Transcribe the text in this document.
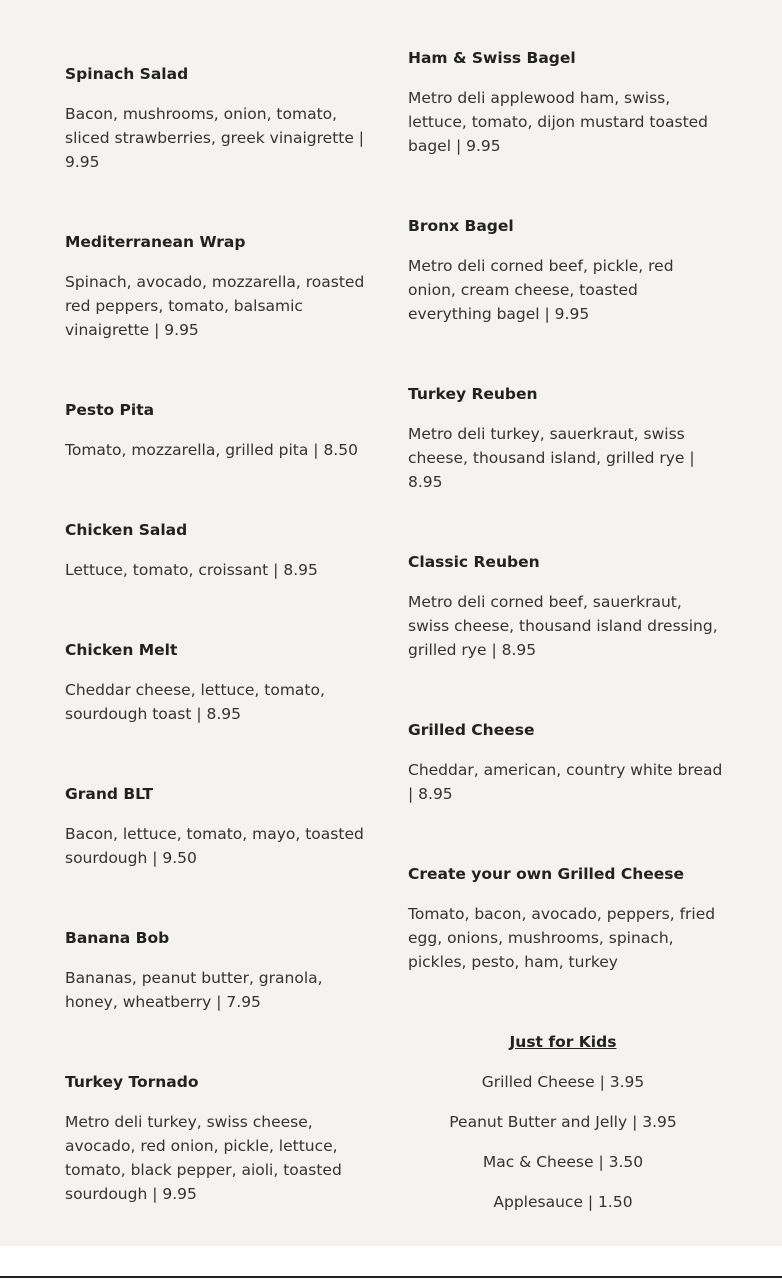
Spinach Salad

Bacon, mushrooms, onion, tomato, sliced strawberries, greek vinaigrette | 9.95

Mediterranean Wrap

Spinach, avocado, mozzarella, roasted red peppers, tomato, balsamic vinaigrette | 9.95

Pesto Pita

Tomato, mozzarella, grilled pita | 8.50

Chicken Salad

Lettuce, tomato, croissant | 8.95

Chicken Melt

Cheddar cheese, lettuce, tomato, sourdough toast | 8.95

Grand BLT

Bacon, lettuce, tomato, mayo, toasted sourdough | 9.50

Banana Bob

Bananas, peanut butter, granola, honey, wheatberry | 7.95

Turkey Tornado

Metro deli turkey, swiss cheese, avocado, red onion, pickle, lettuce, tomato, black pepper, aioli, toasted sourdough | 9.95

Ham & Swiss Bagel

Metro deli applewood ham, swiss, lettuce, tomato, dijon mustard toasted bagel | 9.95

Bronx Bagel

Metro deli corned beef, pickle, red onion, cream cheese, toasted everything bagel | 9.95

Turkey Reuben

Metro deli turkey, sauerkraut, swiss cheese, thousand island, grilled rye | 8.95

Classic Reuben

Metro deli corned beef, sauerkraut, swiss cheese, thousand island dressing, grilled rye | 8.95

Grilled Cheese

Cheddar, american, country white bread | 8.95

Create your own Grilled Cheese

Tomato, bacon, avocado, peppers, fried egg, onions, mushrooms, spinach, pickles, pesto, ham, turkey

Just for Kids

Grilled Cheese | 3.95

Peanut Butter and Jelly | 3.95

Mac & Cheese | 3.50

Applesauce | 1.50
